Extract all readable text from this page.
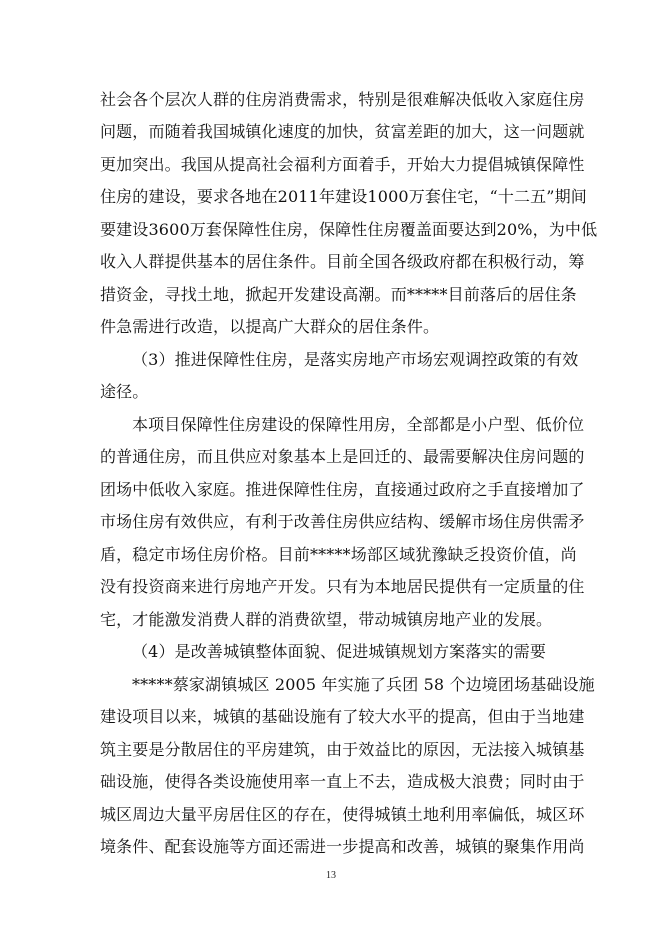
社会各个层次人群的住房消费需求，特别是很难解决低收入家庭住房
问题，而随着我国城镇化速度的加快，贫富差距的加大，这一问题就
更加突出。我国从提高社会福利方面着手，开始大力提倡城镇保障性
住房的建设，要求各地在2011年建设1000万套住宅，“十二五”期间
要建设3600万套保障性住房，保障性住房覆盖面要达到20%，为中低
收入人群提供基本的居住条件。目前全国各级政府都在积极行动，筹
措资金，寻找土地，掀起开发建设高潮。而*****目前落后的居住条
件急需进行改造，以提高广大群众的居住条件。
（3）推进保障性住房，是落实房地产市场宏观调控政策的有效
途径。
本项目保障性住房建设的保障性用房，全部都是小户型、低价位
的普通住房，而且供应对象基本上是回迁的、最需要解决住房问题的
团场中低收入家庭。推进保障性住房，直接通过政府之手直接增加了
市场住房有效供应，有利于改善住房供应结构、缓解市场住房供需矛
盾，稳定市场住房价格。目前*****场部区域犹豫缺乏投资价值，尚
没有投资商来进行房地产开发。只有为本地居民提供有一定质量的住
宅，才能激发消费人群的消费欲望，带动城镇房地产业的发展。
（4）是改善城镇整体面貌、促进城镇规划方案落实的需要
*****蔡家湖镇城区 2005 年实施了兵团 58 个边境团场基础设施
建设项目以来，城镇的基础设施有了较大水平的提高，但由于当地建
筑主要是分散居住的平房建筑，由于效益比的原因，无法接入城镇基
础设施，使得各类设施使用率一直上不去，造成极大浪费；同时由于
城区周边大量平房居住区的存在，使得城镇土地利用率偏低，城区环
境条件、配套设施等方面还需进一步提高和改善，城镇的聚集作用尚
13
